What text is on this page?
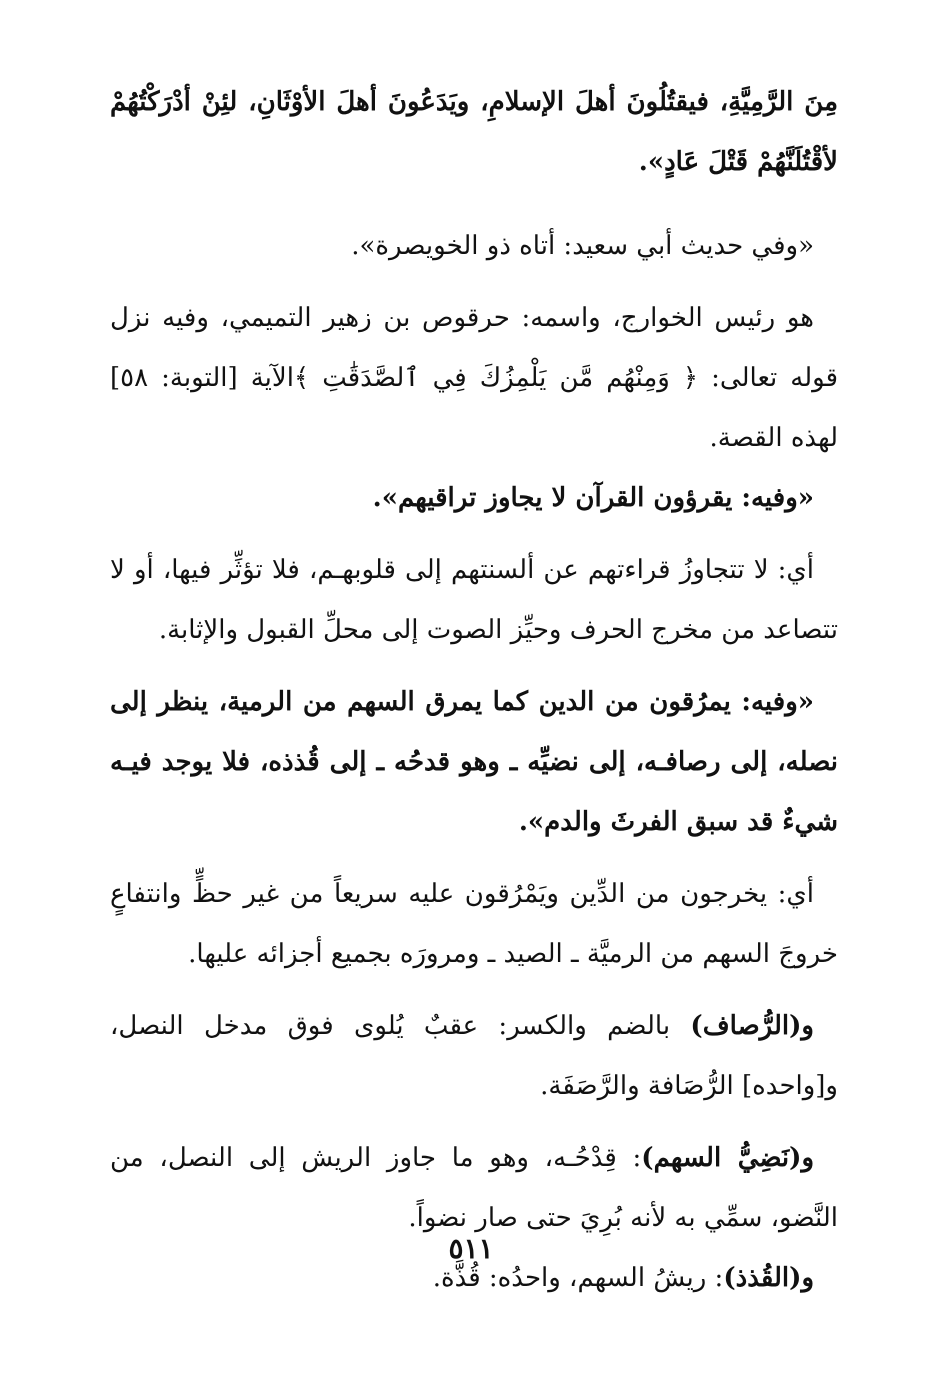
مِنَ الرَّمِيَّةِ، فيقتُلُونَ أهلَ الإسلامِ، ويَدَعُونَ أهلَ الأوْثَانِ، لئِنْ أدْرَكْتُهُمْ لأقْتُلَنَّهُمْ قَتْلَ عَادٍ».

«وفي حديث أبي سعيد: أتاه ذو الخويصرة».

هو رئيس الخوارج، واسمه: حرقوص بن زهير التميمي، وفيه نزل قوله تعالى: ﴿ وَمِنْهُم مَّن يَلْمِزُكَ فِي ٱلصَّدَقَٰتِ ﴾الآية [التوبة: ٥٨] لهذه القصة.

«وفيه: يقرؤون القرآن لا يجاوز تراقيهم».

أي: لا تتجاوزُ قراءتهم عن ألسنتهم إلى قلوبهـم، فلا تؤثِّر فيها، أو لا تتصاعد من مخرج الحرف وحيِّز الصوت إلى محلِّ القبول والإثابة.

«وفيه: يمرُقون من الدين كما يمرق السهم من الرمية، ينظر إلى نصله، إلى رصافـه، إلى نضيِّه ـ وهو قدحُه ـ إلى قُذذه، فلا يوجد فيـه شيءٌ قد سبق الفرثَ والدم».

أي: يخرجون من الدِّين ويَمْرُقون عليه سريعاً من غير حظٍّ وانتفاعٍ خروجَ السهم من الرميَّة ـ الصيد ـ ومرورَه بجميع أجزائه عليها.

و(الرُّصاف) بالضم والكسر: عقبٌ يُلوى فوق مدخل النصل، و[واحده] الرُّصَافة والرَّصَفَة.

و(نَضِيُّ السهم): قِدْحُـه، وهو ما جاوز الريش إلى النصل، من النَّضو، سمِّي به لأنه بُرِيَ حتى صار نضواً.

و(القُذذ): ريشُ السهم، واحدُه: قُذَّة.

٥١١
